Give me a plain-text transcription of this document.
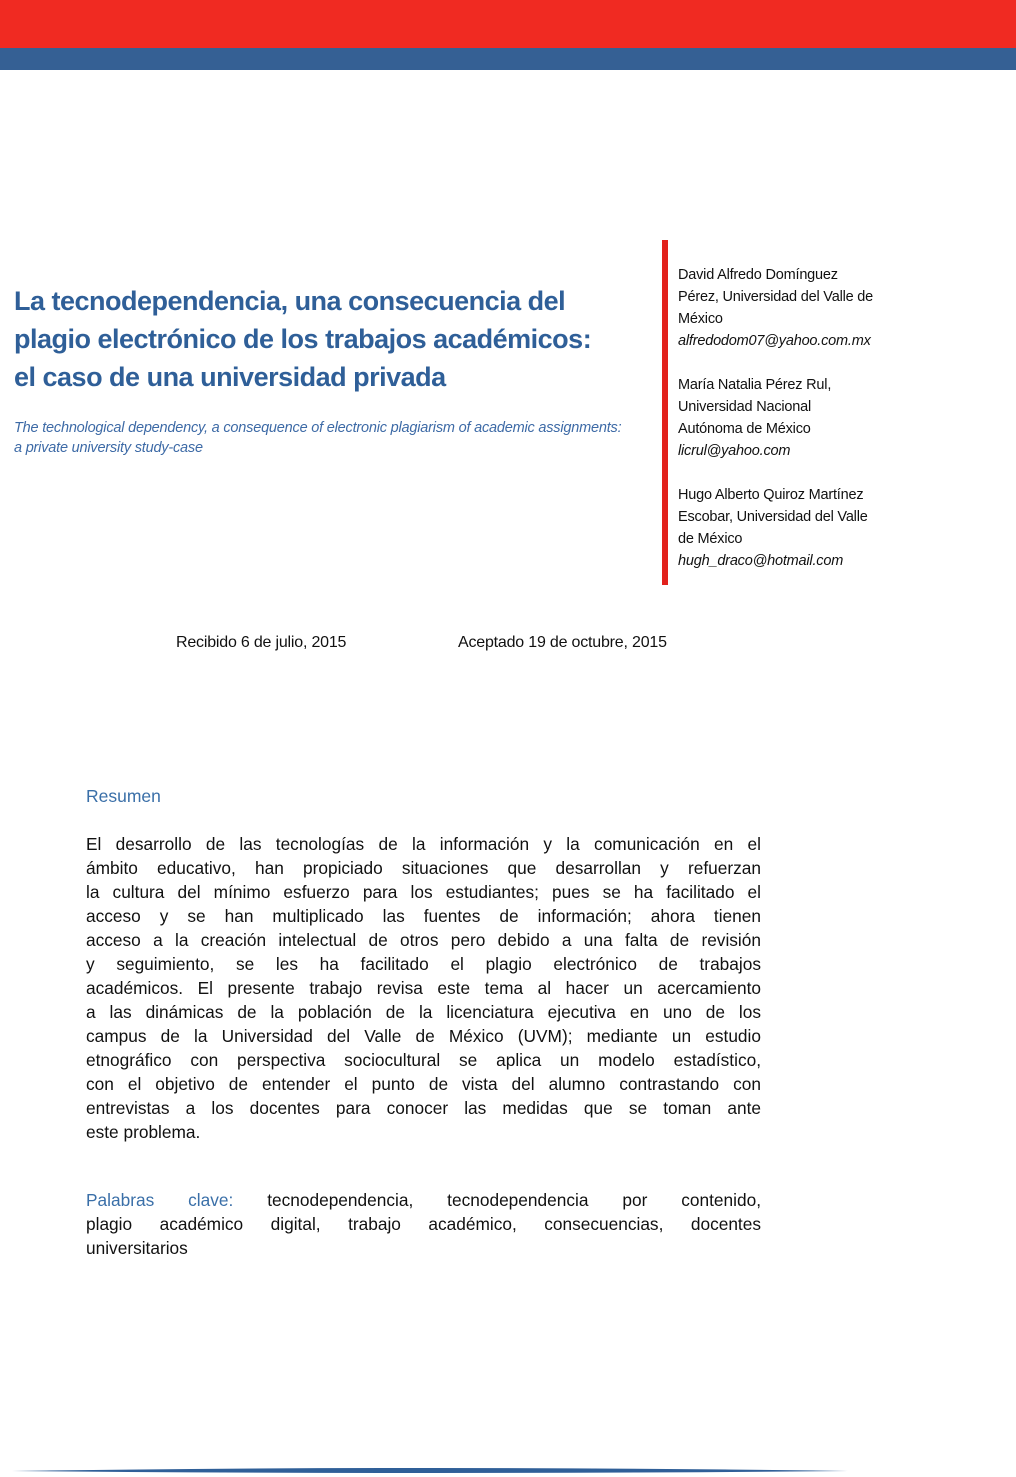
La tecnodependencia, una consecuencia del
plagio electrónico de los trabajos académicos:
el caso de una universidad privada
The technological dependency, a consequence of electronic plagiarism of academic assignments:
a private university study-case
David Alfredo Domínguez
Pérez, Universidad del Valle de
México
alfredodom07@yahoo.com.mx
María Natalia Pérez Rul,
Universidad Nacional
Autónoma de México
licrul@yahoo.com
Hugo Alberto Quiroz Martínez
Escobar, Universidad del Valle
de México
hugh_draco@hotmail.com
Recibido 6 de julio, 2015	Aceptado 19 de octubre, 2015
Resumen
El desarrollo de las tecnologías de la información y la comunicación en el
ámbito educativo, han propiciado situaciones que desarrollan y refuerzan
la cultura del mínimo esfuerzo para los estudiantes; pues se ha facilitado el
acceso y se han multiplicado las fuentes de información; ahora tienen
acceso a la creación intelectual de otros pero debido a una falta de revisión
y seguimiento, se les ha facilitado el plagio electrónico de trabajos
académicos. El presente trabajo revisa este tema al hacer un acercamiento
a las dinámicas de la población de la licenciatura ejecutiva en uno de los
campus de la Universidad del Valle de México (UVM); mediante un estudio
etnográfico con perspectiva sociocultural se aplica un modelo estadístico,
con el objetivo de entender el punto de vista del alumno contrastando con
entrevistas a los docentes para conocer las medidas que se toman ante
este problema.
Palabras clave: tecnodependencia, tecnodependencia por contenido,
plagio académico digital, trabajo académico, consecuencias, docentes
universitarios
